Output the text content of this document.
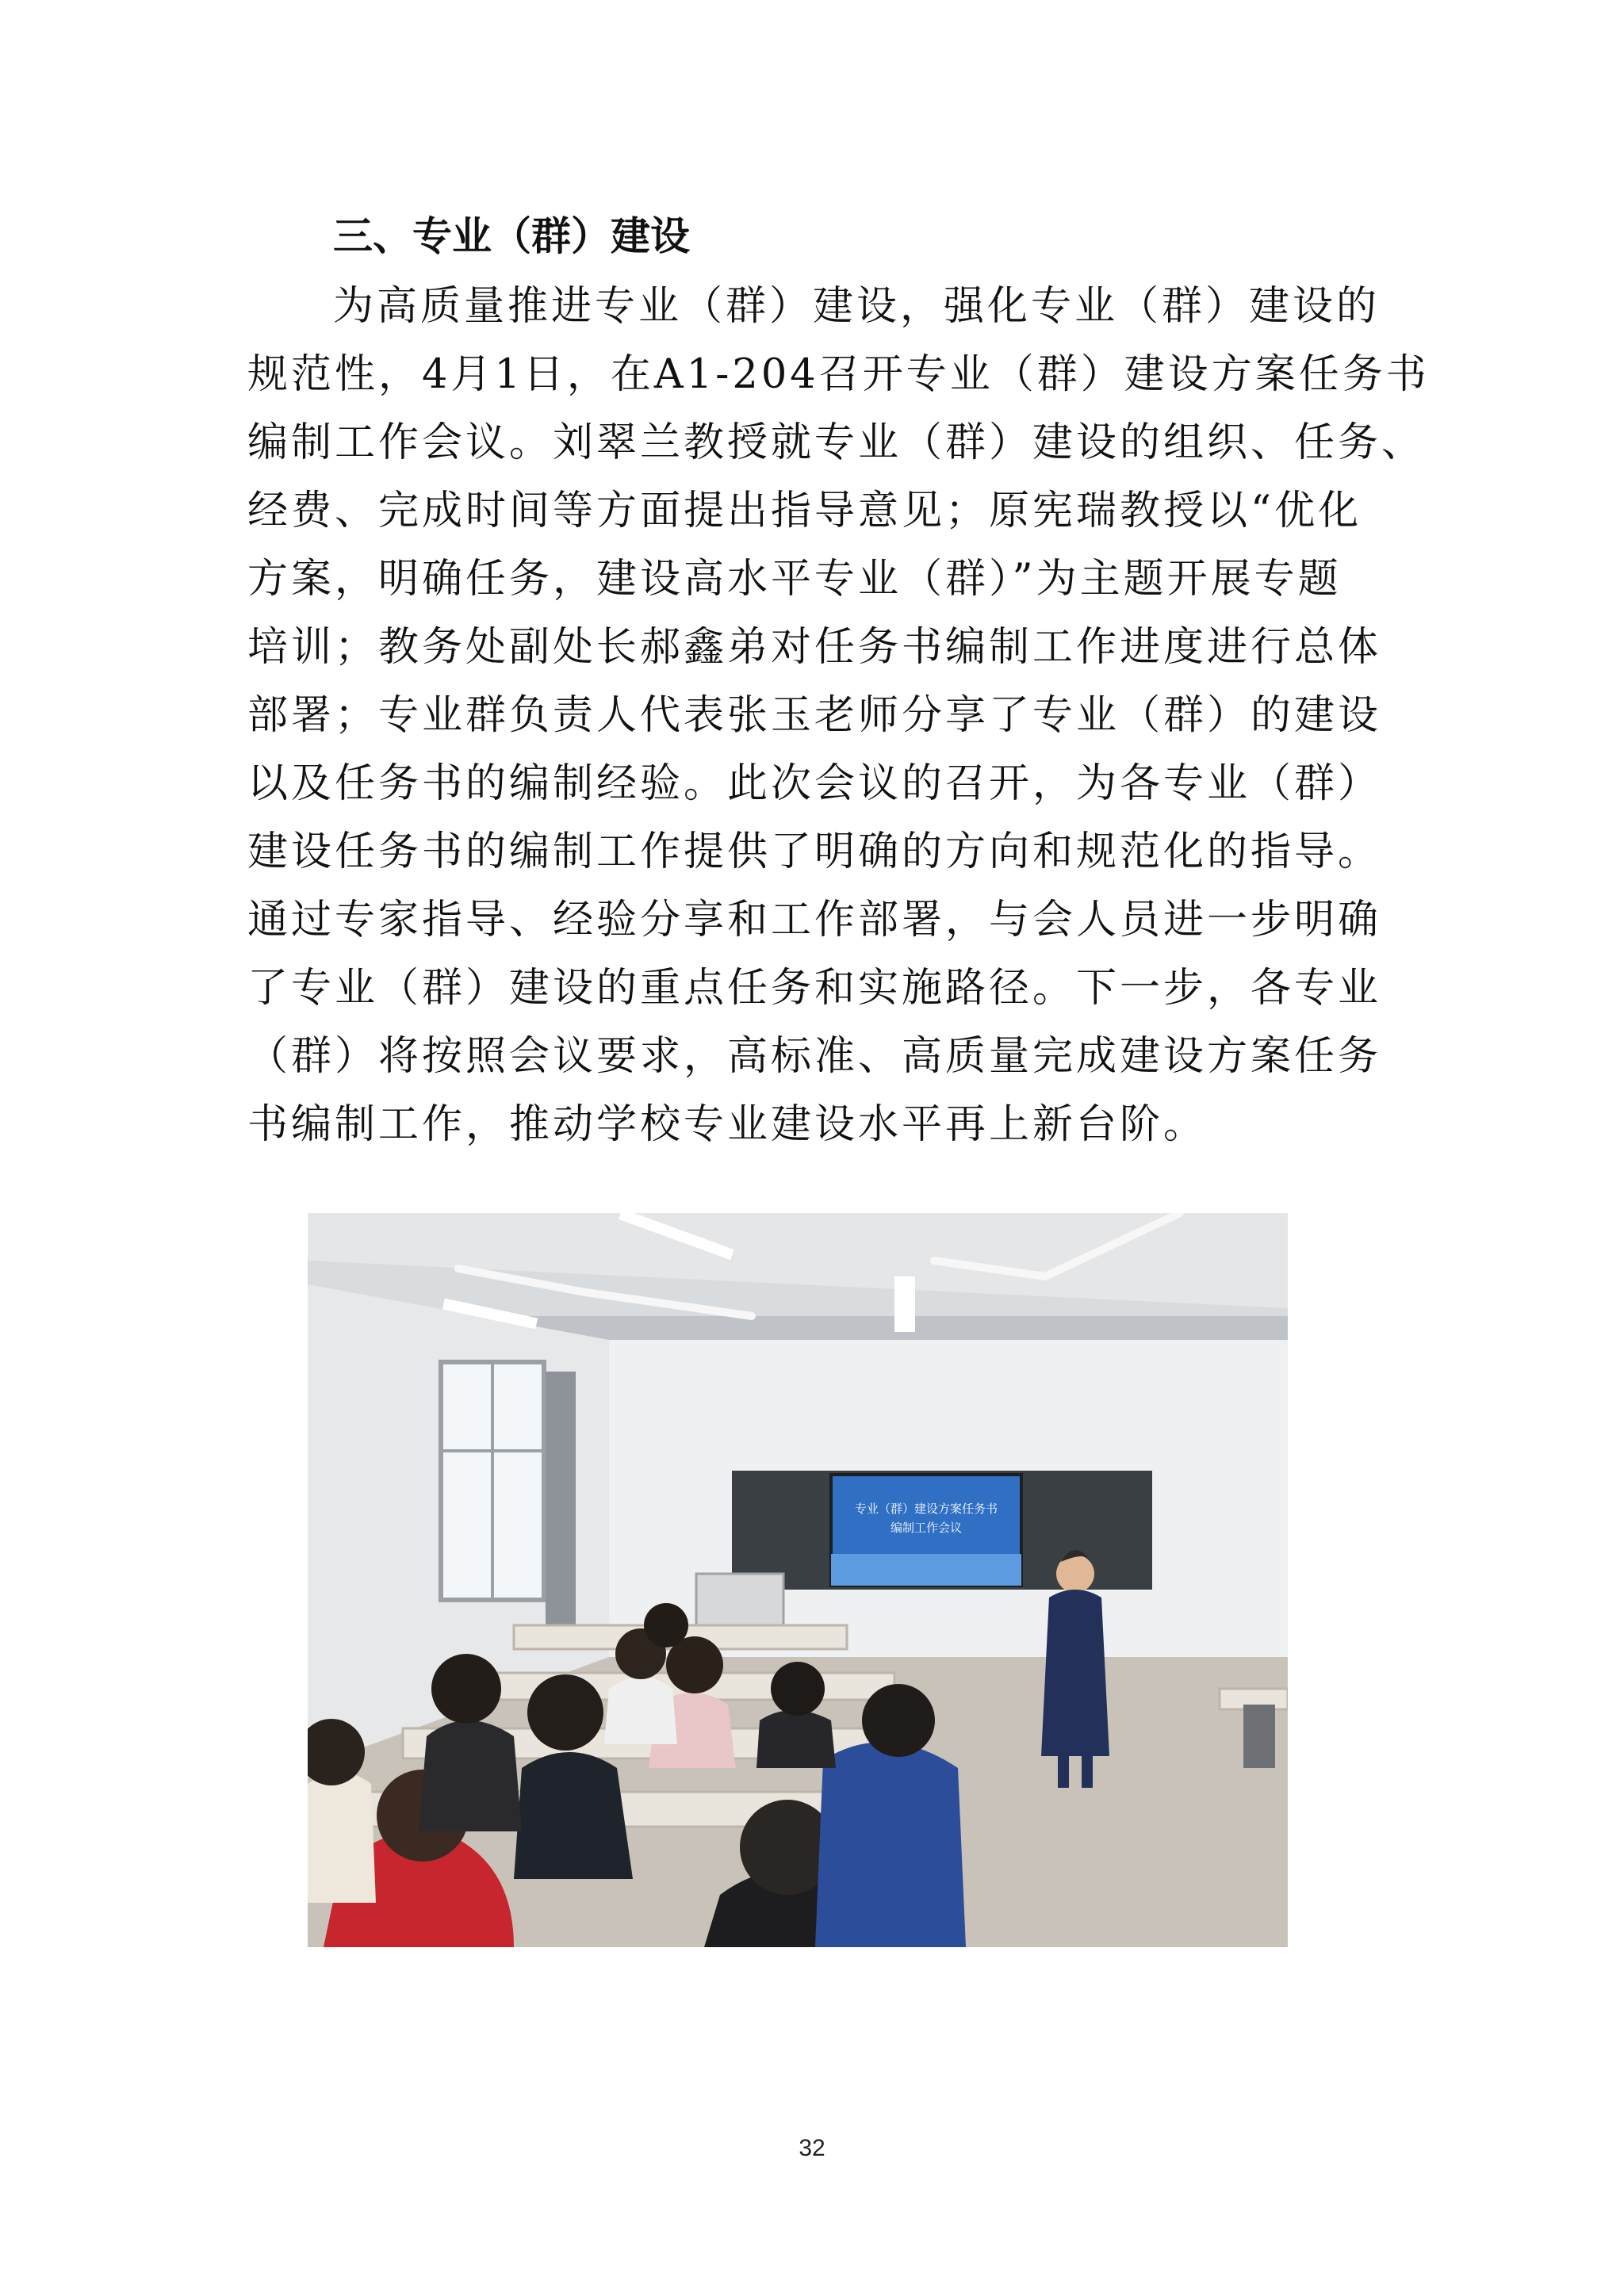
三、专业（群）建设
为高质量推进专业（群）建设，强化专业（群）建设的
规范性，4月1日，在A1-204召开专业（群）建设方案任务书
编制工作会议。刘翠兰教授就专业（群）建设的组织、任务、
经费、完成时间等方面提出指导意见；原宪瑞教授以“优化
方案，明确任务，建设高水平专业（群）”为主题开展专题
培训；教务处副处长郝鑫弟对任务书编制工作进度进行总体
部署；专业群负责人代表张玉老师分享了专业（群）的建设
以及任务书的编制经验。此次会议的召开，为各专业（群）
建设任务书的编制工作提供了明确的方向和规范化的指导。
通过专家指导、经验分享和工作部署，与会人员进一步明确
了专业（群）建设的重点任务和实施路径。下一步，各专业
（群）将按照会议要求，高标准、高质量完成建设方案任务
书编制工作，推动学校专业建设水平再上新台阶。
专业（群）建设方案任务书
编制工作会议
32
